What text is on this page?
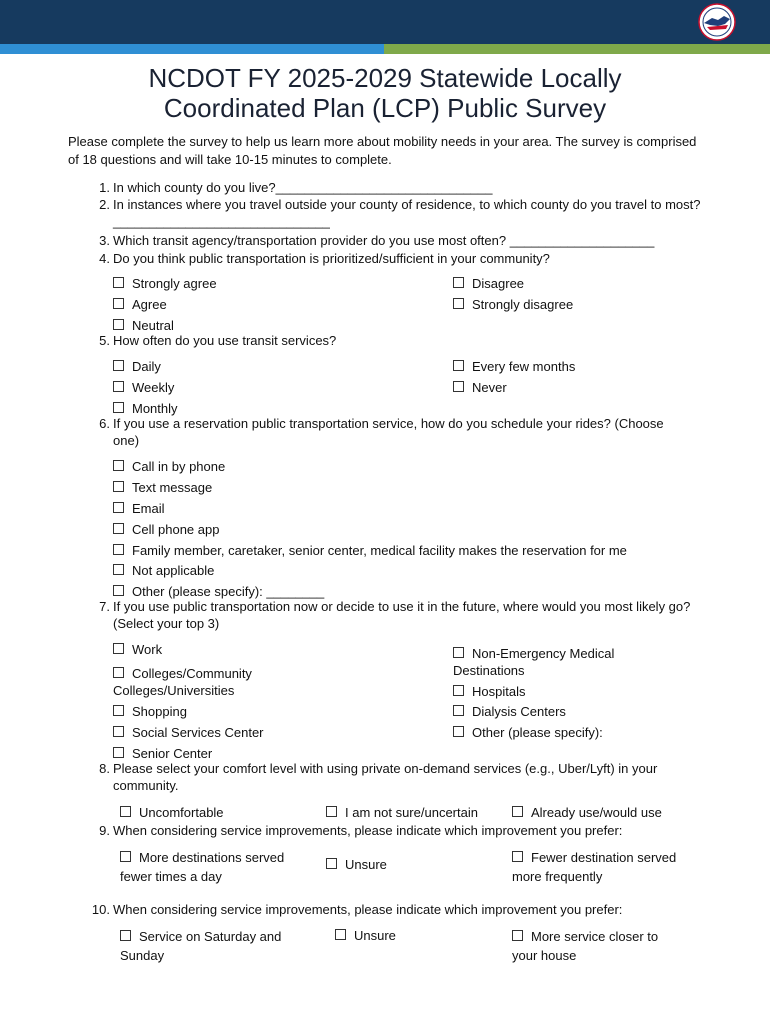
NCDOT FY 2025-2029 Statewide Locally
Coordinated Plan (LCP) Public Survey
Please complete the survey to help us learn more about mobility needs in your area. The survey is comprised of 18 questions and will take 10-15 minutes to complete.
1. In which county do you live?______________________________
2. In instances where you travel outside your county of residence, to which county do you travel to most? ______________________________
3. Which transit agency/transportation provider do you use most often? ____________________
4. Do you think public transportation is prioritized/sufficient in your community?
Strongly agree
Agree
Neutral
Disagree
Strongly disagree
5. How often do you use transit services?
Daily
Weekly
Monthly
Every few months
Never
6. If you use a reservation public transportation service, how do you schedule your rides? (Choose one)
Call in by phone
Text message
Email
Cell phone app
Family member, caretaker, senior center, medical facility makes the reservation for me
Not applicable
Other (please specify): ________
7. If you use public transportation now or decide to use it in the future, where would you most likely go? (Select your top 3)
Work
Colleges/Community Colleges/Universities
Shopping
Social Services Center
Senior Center
Non-Emergency Medical Destinations
Hospitals
Dialysis Centers
Other (please specify):
8. Please select your comfort level with using private on-demand services (e.g., Uber/Lyft) in your community.
Uncomfortable	I am not sure/uncertain	Already use/would use
9. When considering service improvements, please indicate which improvement you prefer:
More destinations served fewer times a day
Unsure	Fewer destination served more frequently
10. When considering service improvements, please indicate which improvement you prefer:
Service on Saturday and Sunday
Unsure	More service closer to your house
